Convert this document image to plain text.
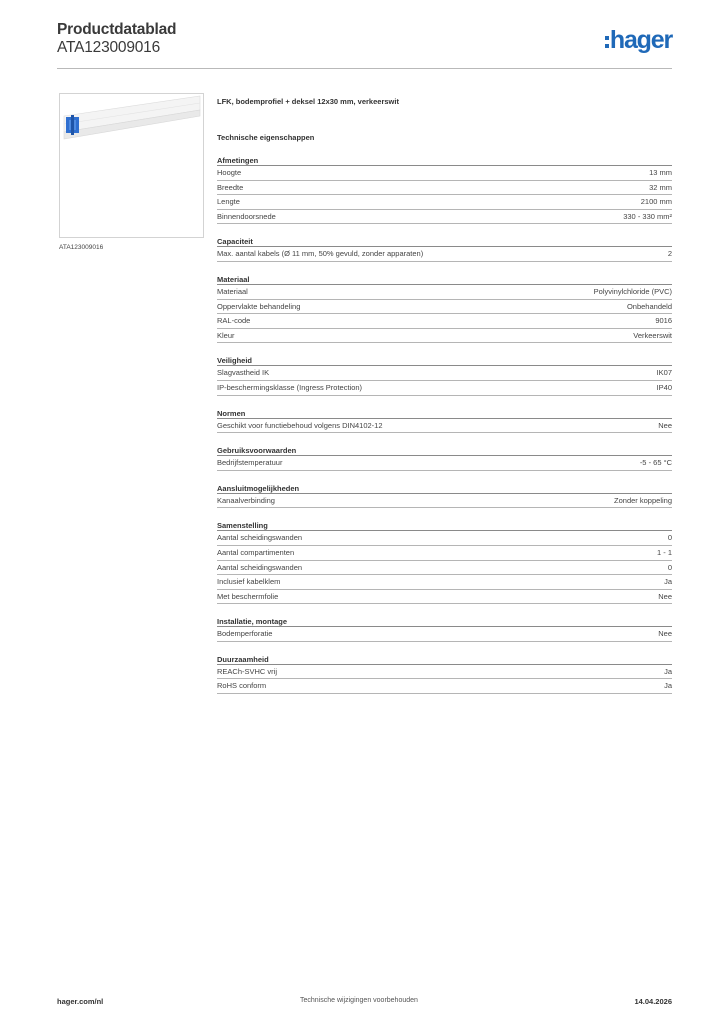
Productdatablad
ATA123009016	hager
ATA123009016
LFK, bodemprofiel + deksel 12x30 mm, verkeerswit
Technische eigenschappen
Afmetingen
Hoogte	13 mm
Breedte	32 mm
Lengte	2100 mm
Binnendoorsnede	330 - 330 mm²
Capaciteit
Max. aantal kabels (Ø 11 mm, 50% gevuld, zonder apparaten)	2
Materiaal
Materiaal	Polyvinylchloride (PVC)
Oppervlakte behandeling	Onbehandeld
RAL-code	9016
Kleur	Verkeerswit
Veiligheid
Slagvastheid IK	IK07
IP-beschermingsklasse (Ingress Protection)	IP40
Normen
Geschikt voor functiebehoud volgens DIN4102-12	Nee
Gebruiksvoorwaarden
Bedrijfstemperatuur	-5 - 65 °C
Aansluitmogelijkheden
Kanaalverbinding	Zonder koppeling
Samenstelling
Aantal scheidingswanden	0
Aantal compartimenten	1 - 1
Aantal scheidingswanden	0
Inclusief kabelklem	Ja
Met beschermfolie	Nee
Installatie, montage
Bodemperforatie	Nee
Duurzaamheid
REACh-SVHC vrij	Ja
RoHS conform	Ja
hager.com/nl	Technische wijzigingen voorbehouden	14.04.2026
